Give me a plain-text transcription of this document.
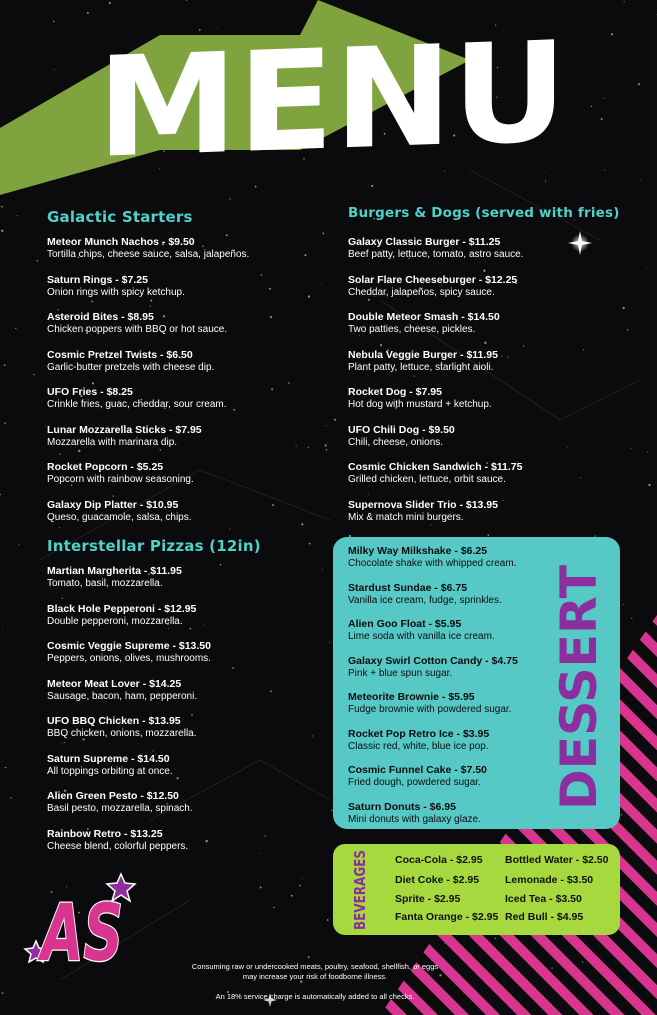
MENU
Galactic Starters
Meteor Munch Nachos - $9.50
Tortilla chips, cheese sauce, salsa, jalapeños.
Saturn Rings - $7.25
Onion rings with spicy ketchup.
Asteroid Bites - $8.95
Chicken poppers with BBQ or hot sauce.
Cosmic Pretzel Twists - $6.50
Garlic-butter pretzels with cheese dip.
UFO Fries - $8.25
Crinkle fries, guac, cheddar, sour cream.
Lunar Mozzarella Sticks - $7.95
Mozzarella with marinara dip.
Rocket Popcorn - $5.25
Popcorn with rainbow seasoning.
Galaxy Dip Platter - $10.95
Queso, guacamole, salsa, chips.
Burgers & Dogs (served with fries)
Galaxy Classic Burger - $11.25
Beef patty, lettuce, tomato, astro sauce.
Solar Flare Cheeseburger - $12.25
Cheddar, jalapeños, spicy sauce.
Double Meteor Smash - $14.50
Two patties, cheese, pickles.
Nebula Veggie Burger - $11.95
Plant patty, lettuce, starlight aioli.
Rocket Dog - $7.95
Hot dog with mustard + ketchup.
UFO Chili Dog - $9.50
Chili, cheese, onions.
Cosmic Chicken Sandwich - $11.75
Grilled chicken, lettuce, orbit sauce.
Supernova Slider Trio - $13.95
Mix & match mini burgers.
Interstellar Pizzas (12in)
Martian Margherita - $11.95
Tomato, basil, mozzarella.
Black Hole Pepperoni - $12.95
Double pepperoni, mozzarella.
Cosmic Veggie Supreme - $13.50
Peppers, onions, olives, mushrooms.
Meteor Meat Lover - $14.25
Sausage, bacon, ham, pepperoni.
UFO BBQ Chicken - $13.95
BBQ chicken, onions, mozzarella.
Saturn Supreme - $14.50
All toppings orbiting at once.
Alien Green Pesto - $12.50
Basil pesto, mozzarella, spinach.
Rainbow Retro - $13.25
Cheese blend, colorful peppers.
Milky Way Milkshake - $6.25
Chocolate shake with whipped cream.
Stardust Sundae - $6.75
Vanilla ice cream, fudge, sprinkles.
Alien Goo Float - $5.95
Lime soda with vanilla ice cream.
Galaxy Swirl Cotton Candy - $4.75
Pink + blue spun sugar.
Meteorite Brownie - $5.95
Fudge brownie with powdered sugar.
Rocket Pop Retro Ice - $3.95
Classic red, white, blue ice pop.
Cosmic Funnel Cake - $7.50
Fried dough, powdered sugar.
Saturn Donuts - $6.95
Mini donuts with galaxy glaze.
DESSERT
BEVERAGES Coca-Cola - $2.95
Diet Coke - $2.95
Sprite - $2.95
Fanta Orange - $2.95
Bottled Water - $2.50
Lemonade - $3.50
Iced Tea - $3.50
Red Bull - $4.95
AS	Consuming raw or undercooked meats, poultry, seafood, shellfish, or eggs
may increase your risk of foodborne illness.
An 18% service charge is automatically added to all checks.
